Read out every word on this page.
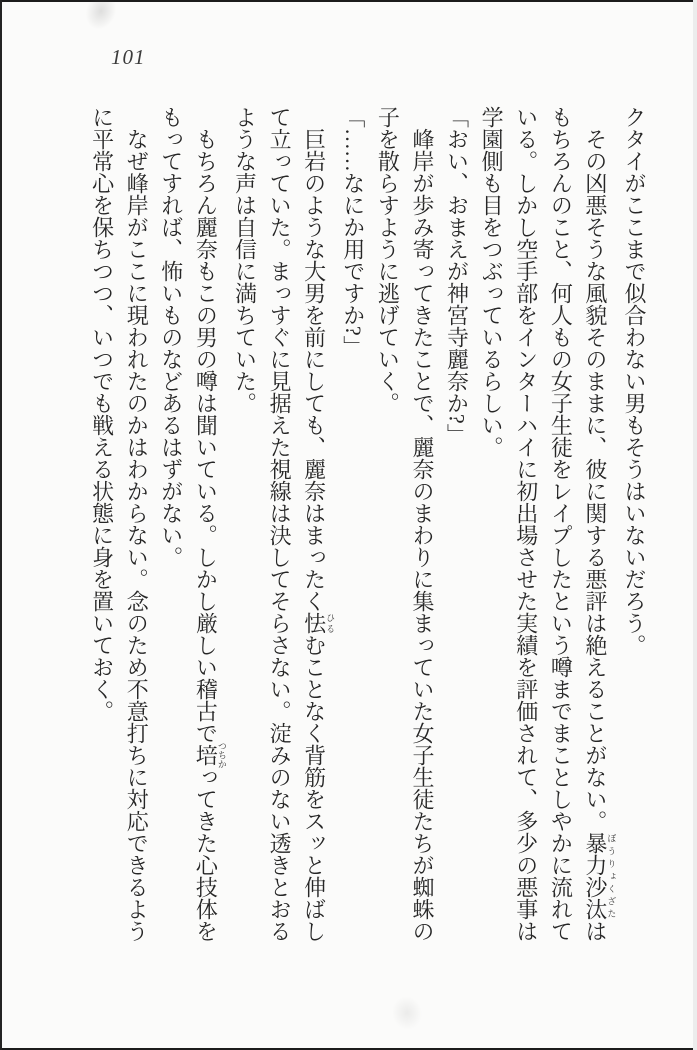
101

クタイがここまで似合わない男もそうはいないだろう。

　その凶悪そうな風貌そのままに、彼に関する悪評は絶えることがない。暴力沙汰ぼうりょくざたはもちろんのこと、何人もの女子生徒をレイプしたという噂までまことしやかに流れている。しかし空手部をインターハイに初出場させた実績を評価されて、多少の悪事は学園側も目をつぶっているらしい。

「おい、おまえが神宮寺麗奈か?」

　峰岸が歩み寄ってきたことで、麗奈のまわりに集まっていた女子生徒たちが蜘蛛の子を散らすように逃げていく。

「……なにか用ですか?」

　巨岩のような大男を前にしても、麗奈はまったく怯ひるむことなく背筋をスッと伸ばして立っていた。まっすぐに見据えた視線は決してそらさない。淀みのない透きとおるような声は自信に満ちていた。

　もちろん麗奈もこの男の噂は聞いている。しかし厳しい稽古で培つちかってきた心技体をもってすれば、怖いものなどあるはずがない。

　なぜ峰岸がここに現われたのかはわからない。念のため不意打ちに対応できるように平常心を保ちつつ、いつでも戦える状態に身を置いておく。
